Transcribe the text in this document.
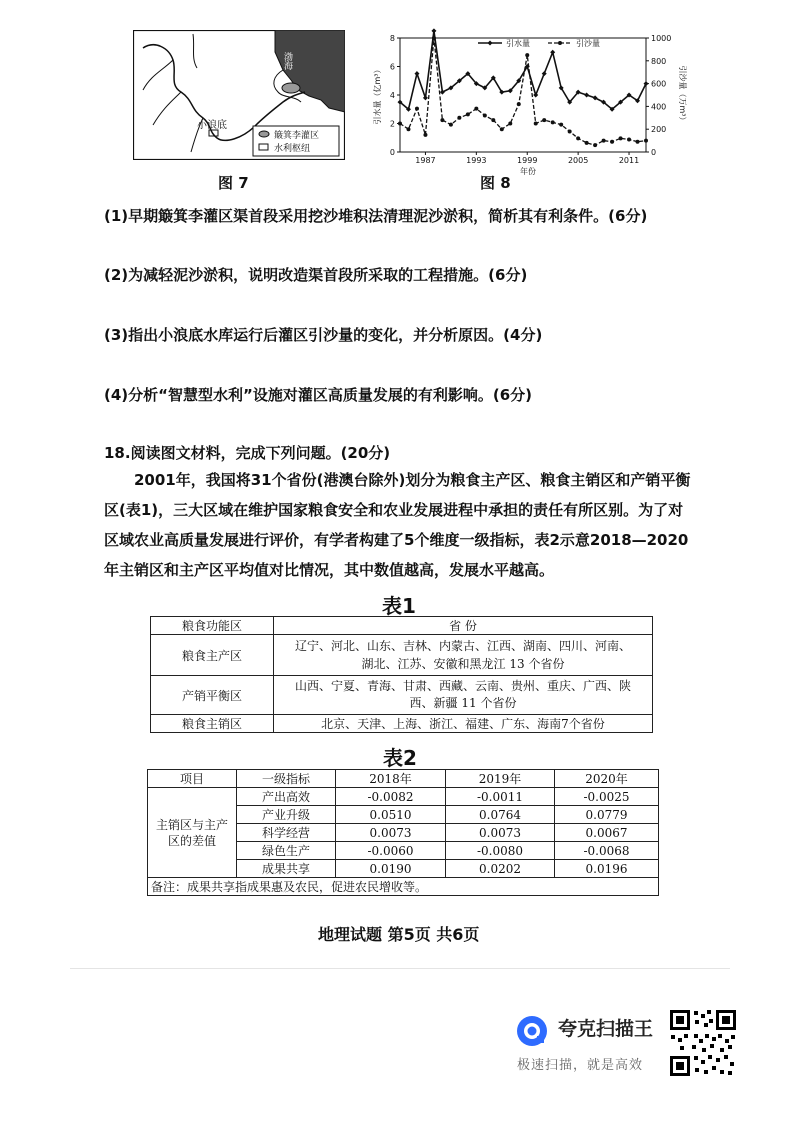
渤海
小浪底
簸箕李灌区
水利枢纽
图 7
0
2
4
6
8
0
200
400
600
800
1000
1987	1993	1999	2005	2011
年份
引水量（亿m³）	引沙量（万m³）
引水量	引沙量
图 8
(1)早期簸箕李灌区渠首段采用挖沙堆积法清理泥沙淤积，简析其有利条件。(6分)
(2)为减轻泥沙淤积，说明改造渠首段所采取的工程措施。(6分)
(3)指出小浪底水库运行后灌区引沙量的变化，并分析原因。(4分)
(4)分析“智慧型水利”设施对灌区高质量发展的有利影响。(6分)
18.阅读图文材料，完成下列问题。(20分)
2001年，我国将31个省份(港澳台除外)划分为粮食主产区、粮食主销区和产销平衡区(表1)，三大区域在维护国家粮食安全和农业发展进程中承担的责任有所区别。为了对区域农业高质量发展进行评价，有学者构建了5个维度一级指标，表2示意2018—2020年主销区和主产区平均值对比情况，其中数值越高，发展水平越高。
表1
粮食功能区	省 份
粮食主产区	辽宁、河北、山东、吉林、内蒙古、江西、湖南、四川、河南、湖北、江苏、安徽和黑龙江 13 个省份
产销平衡区	山西、宁夏、青海、甘肃、西藏、云南、贵州、重庆、广西、陕西、新疆 11 个省份
粮食主销区	北京、天津、上海、浙江、福建、广东、海南7个省份
表2
项目	一级指标	2018年	2019年	2020年
主销区与主产区的差值	产出高效	-0.0082	-0.0011	-0.0025
	产业升级	0.0510	0.0764	0.0779
	科学经营	0.0073	0.0073	0.0067
	绿色生产	-0.0060	-0.0080	-0.0068
	成果共享	0.0190	0.0202	0.0196
备注：成果共享指成果惠及农民，促进农民增收等。				
地理试题 第5页 共6页
夸克扫描王
极速扫描，就是高效
